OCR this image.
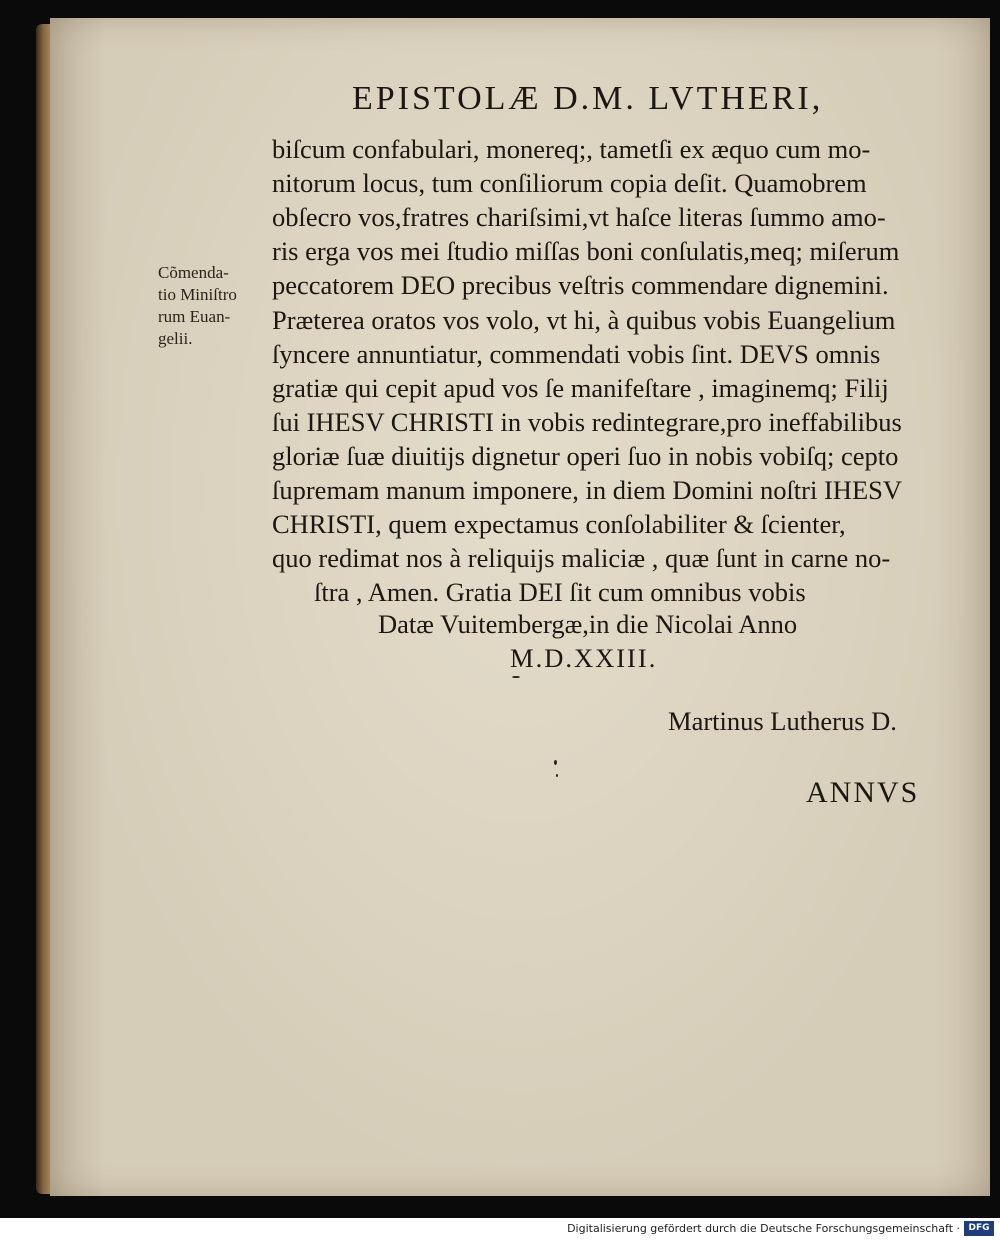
EPISTOLÆ D.M. LVTHERI,
Cõmenda-
tio Miniſtro
rum Euan-
gelii.
biſcum confabulari, monereq;, tametſi ex æquo cum mo-
nitorum locus, tum conſiliorum copia deſit. Quamobrem
obſecro vos,fratres chariſsimi,vt haſce literas ſummo amo-
ris erga vos mei ſtudio miſſas boni conſulatis,meq; miſerum
peccatorem DEO precibus veſtris commendare dignemini.
Præterea oratos vos volo, vt hi, à quibus vobis Euangelium
ſyncere annuntiatur, commendati vobis ſint. DEVS omnis
gratiæ qui cepit apud vos ſe manifeſtare , imaginemq; Filij
ſui IHESV CHRISTI in vobis redintegrare,pro ineffabilibus
gloriæ ſuæ diuitijs dignetur operi ſuo in nobis vobiſq; cepto
ſupremam manum imponere, in diem Domini noſtri IHESV
CHRISTI, quem expectamus conſolabiliter & ſcienter,
quo redimat nos à reliquijs maliciæ , quæ ſunt in carne no-
ſtra , Amen. Gratia DEI ſit cum omnibus vobis
Datæ Vuitembergæ,in die Nicolai Anno
M.D.XXIII.
Martinus Lutherus D.
ANNVS
Digitalisierung gefördert durch die Deutsche Forschungsgemeinschaft · DFG
